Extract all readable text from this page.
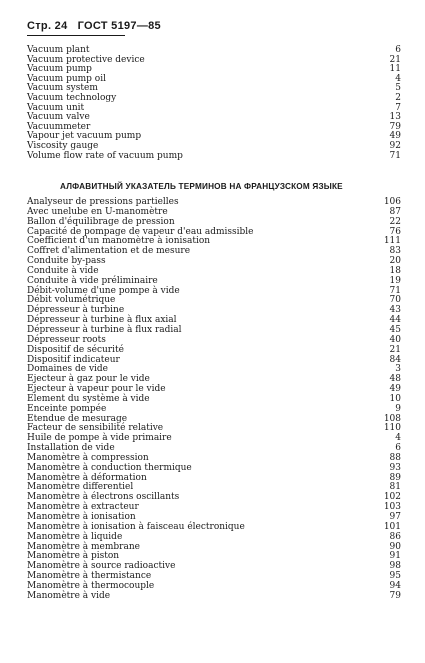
Стр. 24 ГОСТ 5197—85
Vacuum plant	6
Vacuum protective device	21
Vacuum pump	11
Vacuum pump oil	4
Vacuum system	5
Vacuum technology	2
Vacuum unit	7
Vacuum valve	13
Vacuummeter	79
Vapour jet vacuum pump	49
Viscosity gauge	92
Volume flow rate of vacuum pump	71
АЛФАВИТНЫЙ УКАЗАТЕЛЬ ТЕРМИНОВ НА ФРАНЦУЗСКОМ ЯЗЫКЕ
Analyseur de pressions partielles	106
Avec unelube en U-manomètre	87
Ballon d'équilibrage de pression	22
Capacité de pompage de vapeur d'eau admissible	76
Coefficient d'un manomètre à ionisation	111
Coffret d'alimentation et de mesure	83
Conduite by-pass	20
Conduite à vide	18
Conduite à vide préliminaire	19
Débit-volume d'une pompe à vide	71
Débit volumétrique	70
Dépresseur à turbine	43
Dépresseur à turbine à flux axial	44
Dépresseur à turbine à flux radial	45
Dépresseur roots	40
Dispositif de sécurité	21
Dispositif indicateur	84
Domaines de vide	3
Ejecteur à gaz pour le vide	48
Ejecteur à vapeur pour le vide	49
Element du système à vide	10
Enceinte pompée	9
Etendue de mesurage	108
Facteur de sensibilité relative	110
Huile de pompe à vide primaire	4
Installation de vide	6
Manomètre à compression	88
Manomètre à conduction thermique	93
Manomètre à déformation	89
Manomètre differentiel	81
Manomètre à électrons oscillants	102
Manomètre à extracteur	103
Manomètre à ionisation	97
Manomètre à ionisation à faisceau électronique	101
Manomètre à liquide	86
Manomètre à membrane	90
Manomètre à piston	91
Manomètre à source radioactive	98
Manomètre à thermistance	95
Manomètre à thermocouple	94
Manomètre à vide	79
